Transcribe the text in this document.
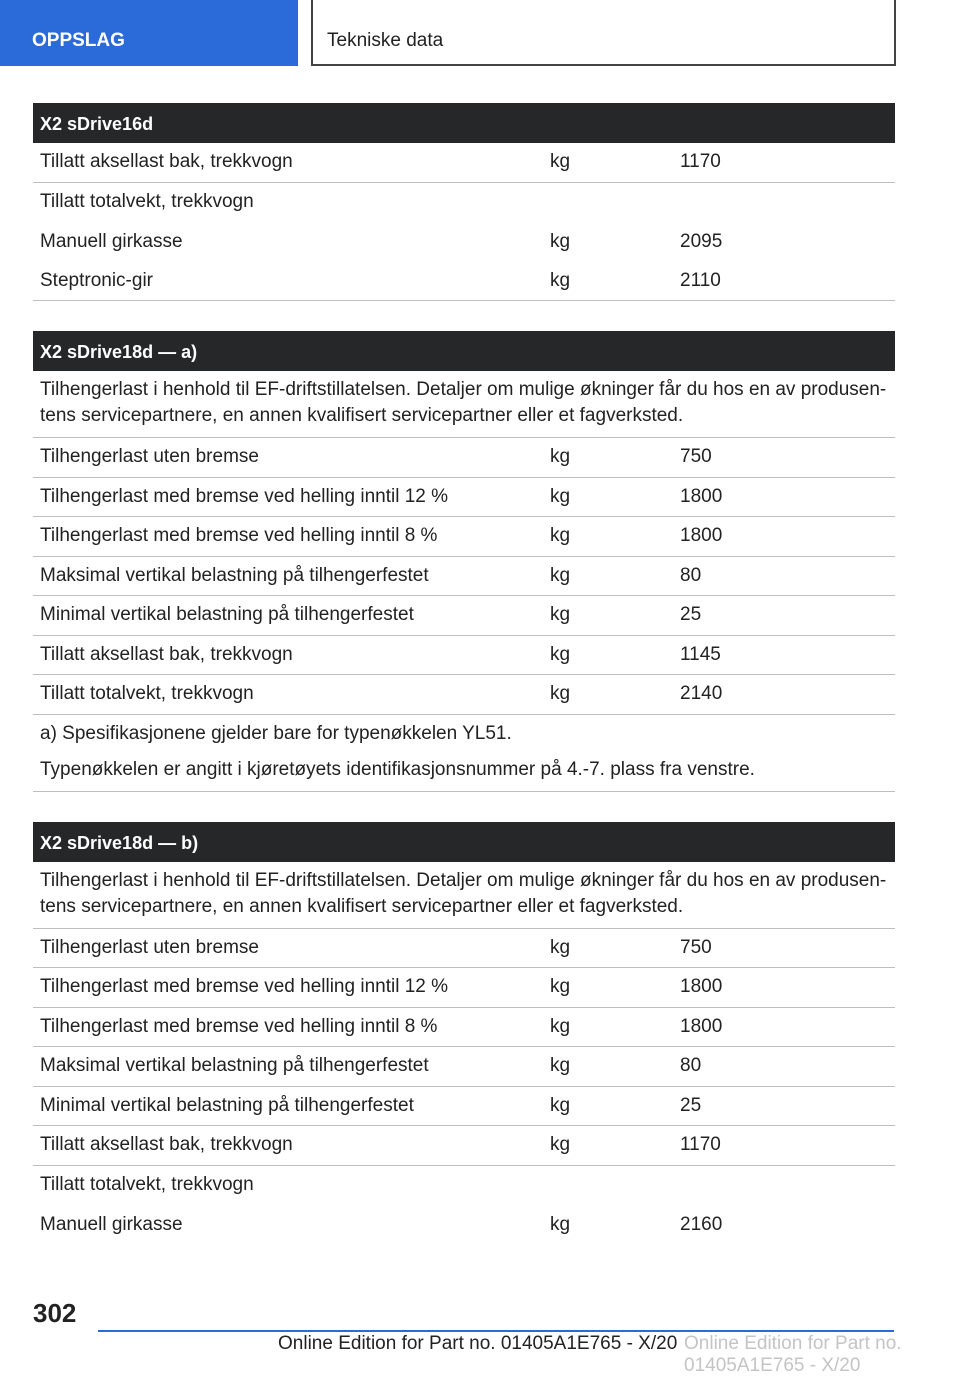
OPPSLAG	Tekniske data
X2 sDrive16d
Tillatt aksellast bak, trekkvogn	kg	1170
Tillatt totalvekt, trekkvogn
Manuell girkasse	kg	2095
Steptronic-gir	kg	2110
X2 sDrive18d — a)
Tilhengerlast i henhold til EF-driftstillatelsen. Detaljer om mulige økninger får du hos en av produsen-tens servicepartnere, en annen kvalifisert servicepartner eller et fagverksted.
Tilhengerlast uten bremse	kg	750
Tilhengerlast med bremse ved helling inntil 12 %	kg	1800
Tilhengerlast med bremse ved helling inntil 8 %	kg	1800
Maksimal vertikal belastning på tilhengerfestet	kg	80
Minimal vertikal belastning på tilhengerfestet	kg	25
Tillatt aksellast bak, trekkvogn	kg	1145
Tillatt totalvekt, trekkvogn	kg	2140
a) Spesifikasjonene gjelder bare for typenøkkelen YL51.
Typenøkkelen er angitt i kjøretøyets identifikasjonsnummer på 4.-7. plass fra venstre.
X2 sDrive18d — b)
Tilhengerlast i henhold til EF-driftstillatelsen. Detaljer om mulige økninger får du hos en av produsen-tens servicepartnere, en annen kvalifisert servicepartner eller et fagverksted.
Tilhengerlast uten bremse	kg	750
Tilhengerlast med bremse ved helling inntil 12 %	kg	1800
Tilhengerlast med bremse ved helling inntil 8 %	kg	1800
Maksimal vertikal belastning på tilhengerfestet	kg	80
Minimal vertikal belastning på tilhengerfestet	kg	25
Tillatt aksellast bak, trekkvogn	kg	1170
Tillatt totalvekt, trekkvogn
Manuell girkasse	kg	2160
302
Online Edition for Part no. 01405A1E765 - X/20 Online Edition for Part no. 01405A1E765 - X/20
